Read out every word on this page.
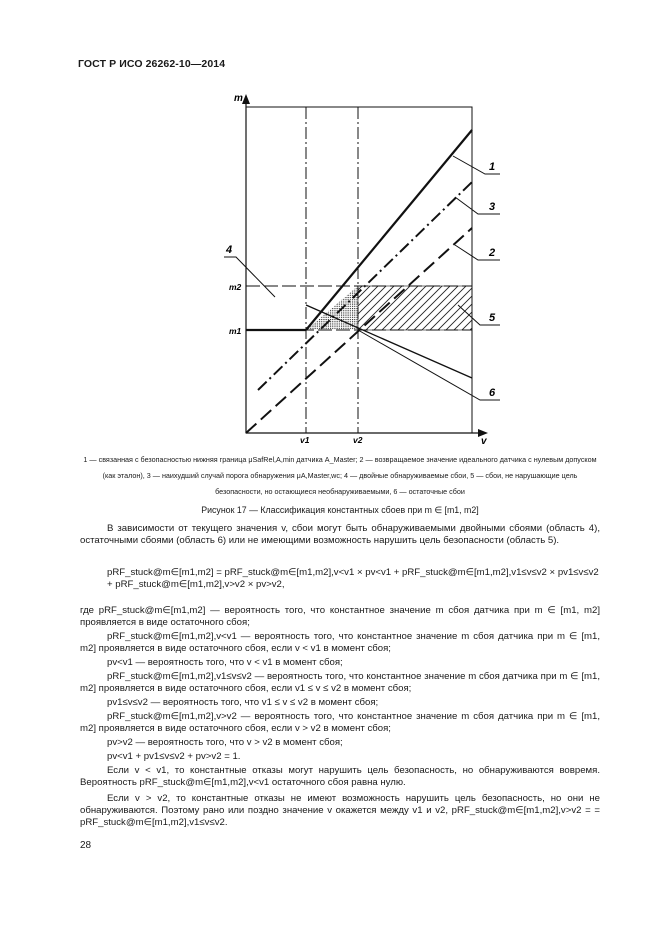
ГОСТ Р ИСО 26262-10—2014
m
v
m2
m1
v1	v2
1
3
2
5
6
4
1 — связанная с безопасностью нижняя граница μSafRel,A,min датчика A_Master; 2 — возвращаемое значение идеального датчика с нулевым допуском (как эталон), 3 — наихудший случай порога обнаружения μA,Master,wc; 4 — двойные обнаруживаемые сбои, 5 — сбои, не нарушающие цель безопасности, но остающиеся необнаруживаемыми, 6 — остаточные сбои
Рисунок 17 — Классификация константных сбоев при m ∈ [m1, m2]
В зависимости от текущего значения v, сбои могут быть обнаруживаемыми двойными сбоями (область 4), остаточными сбоями (область 6) или не имеющими возможность нарушить цель безопасности (область 5).
pRF_stuck@m∈[m1,m2] = pRF_stuck@m∈[m1,m2],v<v1 × pv<v1 + pRF_stuck@m∈[m1,m2],v1≤v≤v2 × pv1≤v≤v2 + pRF_stuck@m∈[m1,m2],v>v2 × pv>v2,
где pRF_stuck@m∈[m1,m2] — вероятность того, что константное значение m сбоя датчика при m ∈ [m1, m2] проявляется в виде остаточного сбоя;
pRF_stuck@m∈[m1,m2],v<v1 — вероятность того, что константное значение m сбоя датчика при m ∈ [m1, m2] проявляется в виде остаточного сбоя, если v < v1 в момент сбоя;
pv<v1 — вероятность того, что v < v1 в момент сбоя;
pRF_stuck@m∈[m1,m2],v1≤v≤v2 — вероятность того, что константное значение m сбоя датчика при m ∈ [m1, m2] проявляется в виде остаточного сбоя, если v1 ≤ v ≤ v2 в момент сбоя;
pv1≤v≤v2 — вероятность того, что v1 ≤ v ≤ v2 в момент сбоя;
pRF_stuck@m∈[m1,m2],v>v2 — вероятность того, что константное значение m сбоя датчика при m ∈ [m1, m2] проявляется в виде остаточного сбоя, если v > v2 в момент сбоя;
pv>v2 — вероятность того, что v > v2 в момент сбоя;
pv<v1 + pv1≤v≤v2 + pv>v2 = 1.
Если v < v1, то константные отказы могут нарушить цель безопасность, но обнаруживаются вовремя. Вероятность pRF_stuck@m∈[m1,m2],v<v1 остаточного сбоя равна нулю.
Если v > v2, то константные отказы не имеют возможность нарушить цель безопасность, но они не обнаруживаются. Поэтому рано или поздно значение v окажется между v1 и v2, pRF_stuck@m∈[m1,m2],v>v2 = = pRF_stuck@m∈[m1,m2],v1≤v≤v2.
28
